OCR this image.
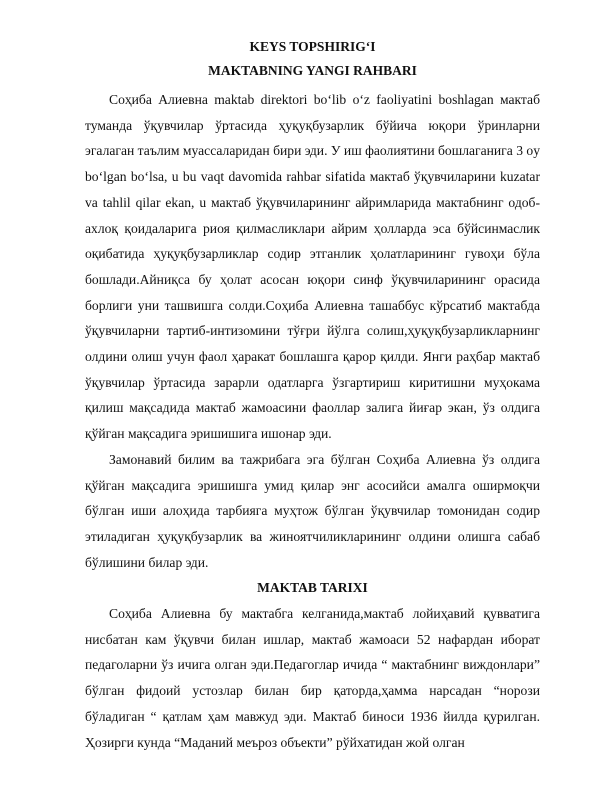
KEYS TOPSHIRIG‘I
MAKTABNING YANGI RAHBARI

Соҳиба Алиевна maktab direktori bo‘lib o‘z faoliyatini boshlagan мактаб туманда ўқувчилар ўртасида ҳуқуқбузарлик бўйича юқори ўринларни эгалаган таълим муассаларидан бири эди. У иш фаолиятини бошлаганига 3 oy bo‘lgan bo‘lsa, u bu vaqt davomida rahbar sifatida мактаб ўқувчиларини kuzatar va tahlil qilar ekan, u мактаб ўқувчиларининг айримларида мактабнинг одоб-ахлоқ қоидаларига риоя қилмасликлари айрим ҳолларда эса бўйсинмаслик оқибатида ҳуқуқбузарликлар содир этганлик ҳолатларининг гувоҳи бўла бошлади.Айниқса бу ҳолат асосан юқори синф ўқувчиларининг орасида борлиги уни ташвишга солди.Соҳиба Алиевна ташаббус кўрсатиб мактабда ўқувчиларни тартиб-интизомини тўғри йўлга солиш,ҳуқуқбузарликларнинг олдини олиш учун фаол ҳаракат бошлашга қарор қилди. Янги раҳбар мактаб ўқувчилар ўртасида зарарли одатларга ўзгартириш киритишни муҳокама қилиш мақсадида мактаб жамоасини фаоллар залига йиғар экан, ўз олдига қўйган мақсадига эришишига ишонар эди.

Замонавий билим ва тажрибага эга бўлган Соҳиба Алиевна ўз олдига қўйган мақсадига эришишга умид қилар энг асосийси амалга оширмоқчи бўлган иши алоҳида тарбияга муҳтож бўлган ўқувчилар томонидан содир этиладиган ҳуқуқбузарлик ва жиноятчиликларининг олдини олишга сабаб бўлишини билар эди.

MAKTAB TARIXI

Соҳиба Алиевна бу мактабга келганида,мактаб лойиҳавий қувватига нисбатан кам ўқувчи билан ишлар, мактаб жамоаси 52 нафардан иборат педаголарни ўз ичига олган эди.Педагоглар ичида “ мактабнинг виждонлари” бўлган фидоий устозлар билан бир қаторда,ҳамма нарсадан “норози бўладиган “ қатлам ҳам мавжуд эди. Мактаб биноси 1936 йилда қурилган. Ҳозирги кунда “Маданий меъроз объекти” рўйхатидан жой олган
